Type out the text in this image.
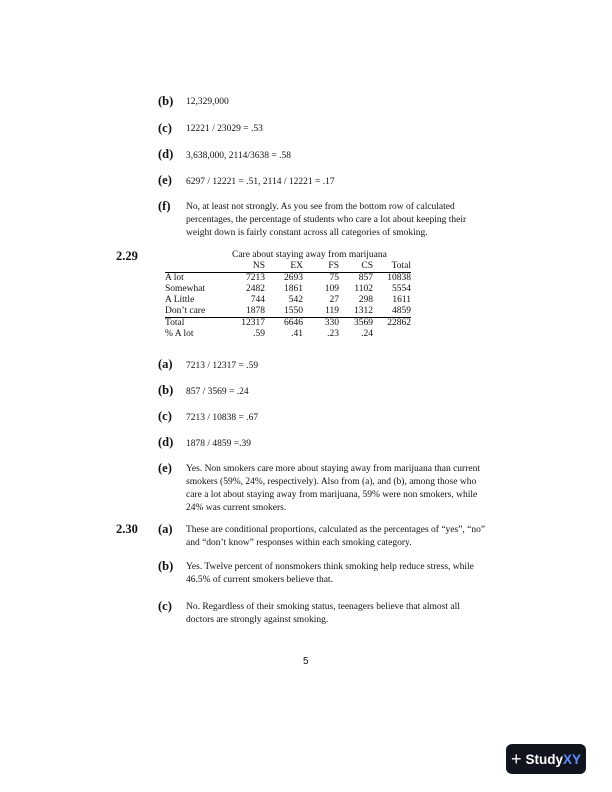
(b) 12,329,000
(c) 12221 / 23029 = .53
(d) 3,638,000, 2114/3638 = .58
(e) 6297 / 12221 = .51, 2114 / 12221 = .17
(f) No, at least not strongly. As you see from the bottom row of calculated
percentages, the percentage of students who care a lot about keeping their
weight down is fairly constant across all categories of smoking.
2.29	Care about staying away from marijuana
	NS	EX	FS	CS	Total
A lot	7213	2693	75	857	10838
Somewhat	2482	1861	109	1102	5554
A Little	744	542	27	298	1611
Don’t care	1878	1550	119	1312	4859
Total	12317	6646	330	3569	22862
% A lot	.59	.41	.23	.24	
(a) 7213 / 12317 = .59
(b) 857 / 3569 = .24
(c) 7213 / 10838 = .67
(d) 1878 / 4859 =.39
(e) Yes. Non smokers care more about staying away from marijuana than current
smokers (59%, 24%, respectively). Also from (a), and (b), among those who
care a lot about staying away from marijuana, 59% were non smokers, while
24% was current smokers.
2.30 (a) These are conditional proportions, calculated as the percentages of “yes”, “no”
and “don’t know” responses within each smoking category.
(b) Yes. Twelve percent of nonsmokers think smoking help reduce stress, while
46.5% of current smokers believe that.
(c) No. Regardless of their smoking status, teenagers believe that almost all
doctors are strongly against smoking.
5
+ Study XY
